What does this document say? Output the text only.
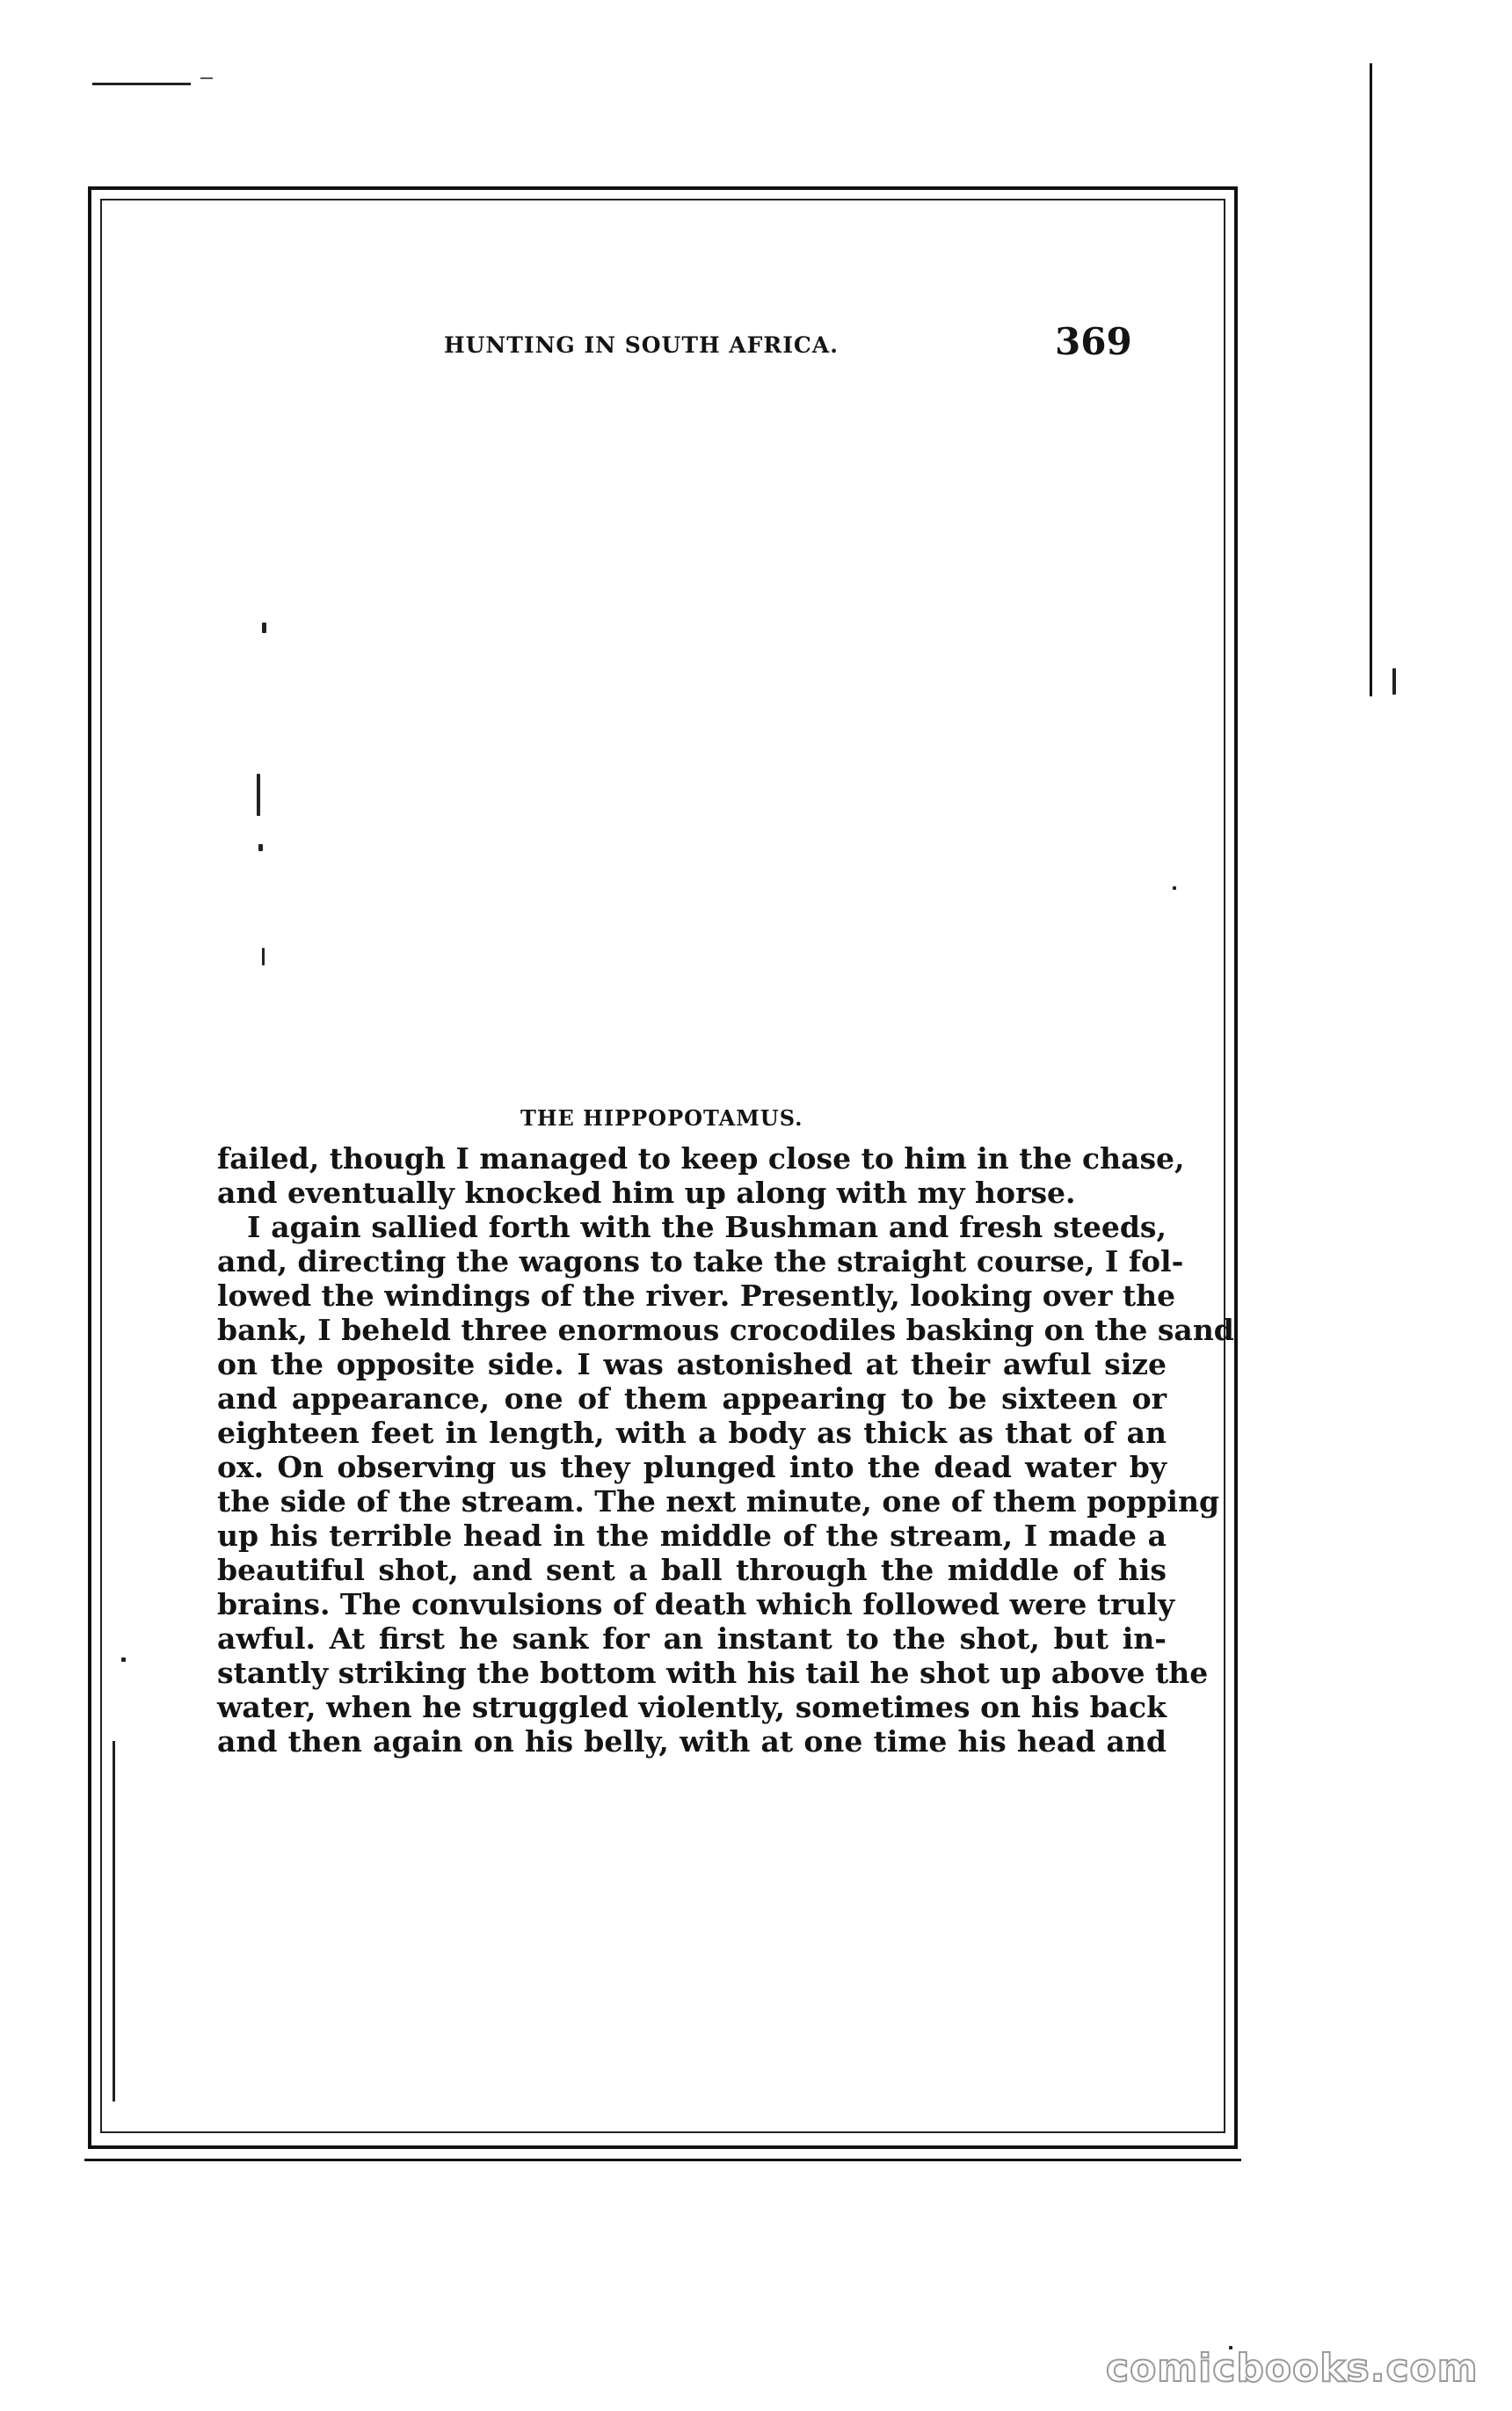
HUNTING IN SOUTH AFRICA.	369
THE HIPPOPOTAMUS.
failed, though I managed to keep close to him in the chase,
and eventually knocked him up along with my horse.
I again sallied forth with the Bushman and fresh steeds,
and, directing the wagons to take the straight course, I fol-
lowed the windings of the river. Presently, looking over the
bank, I beheld three enormous crocodiles basking on the sand
on the opposite side. I was astonished at their awful size
and appearance, one of them appearing to be sixteen or
eighteen feet in length, with a body as thick as that of an
ox. On observing us they plunged into the dead water by
the side of the stream. The next minute, one of them popping
up his terrible head in the middle of the stream, I made a
beautiful shot, and sent a ball through the middle of his
brains. The convulsions of death which followed were truly
awful. At first he sank for an instant to the shot, but in-
stantly striking the bottom with his tail he shot up above the
water, when he struggled violently, sometimes on his back
and then again on his belly, with at one time his head and
comicbooks.com
